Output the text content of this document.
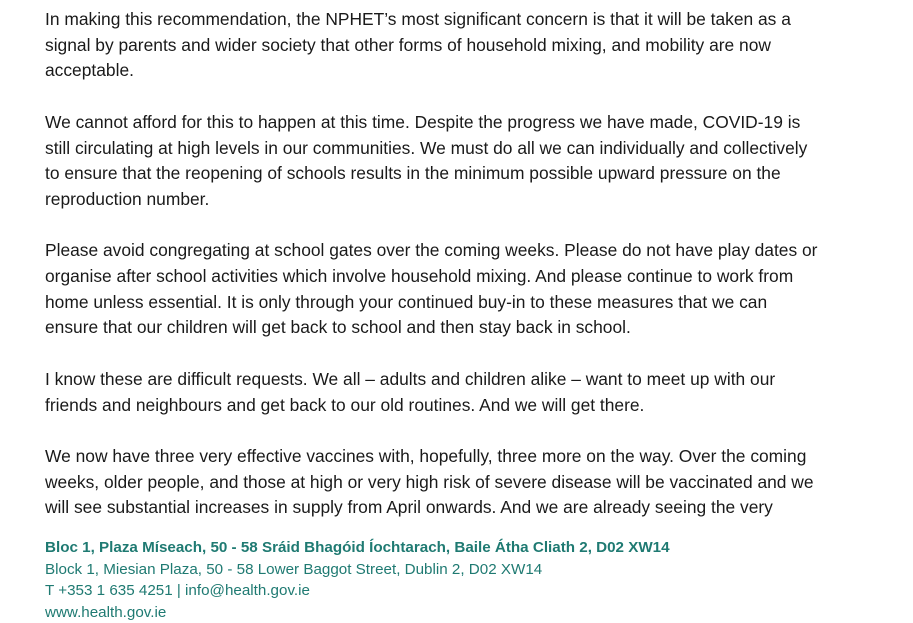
In making this recommendation, the NPHET’s most significant concern is that it will be taken as a
signal by parents and wider society that other forms of household mixing, and mobility are now
acceptable.

We cannot afford for this to happen at this time. Despite the progress we have made, COVID-19 is
still circulating at high levels in our communities. We must do all we can individually and collectively
to ensure that the reopening of schools results in the minimum possible upward pressure on the
reproduction number.

Please avoid congregating at school gates over the coming weeks. Please do not have play dates or
organise after school activities which involve household mixing. And please continue to work from
home unless essential. It is only through your continued buy-in to these measures that we can
ensure that our children will get back to school and then stay back in school.

I know these are difficult requests. We all – adults and children alike – want to meet up with our
friends and neighbours and get back to our old routines. And we will get there.

We now have three very effective vaccines with, hopefully, three more on the way. Over the coming
weeks, older people, and those at high or very high risk of severe disease will be vaccinated and we
will see substantial increases in supply from April onwards. And we are already seeing the very

Bloc 1, Plaza Míseach, 50 - 58 Sráid Bhagóid Íochtarach, Baile Átha Cliath 2, D02 XW14
Block 1, Miesian Plaza, 50 - 58 Lower Baggot Street, Dublin 2, D02 XW14
T +353 1 635 4251 | info@health.gov.ie
www.health.gov.ie
